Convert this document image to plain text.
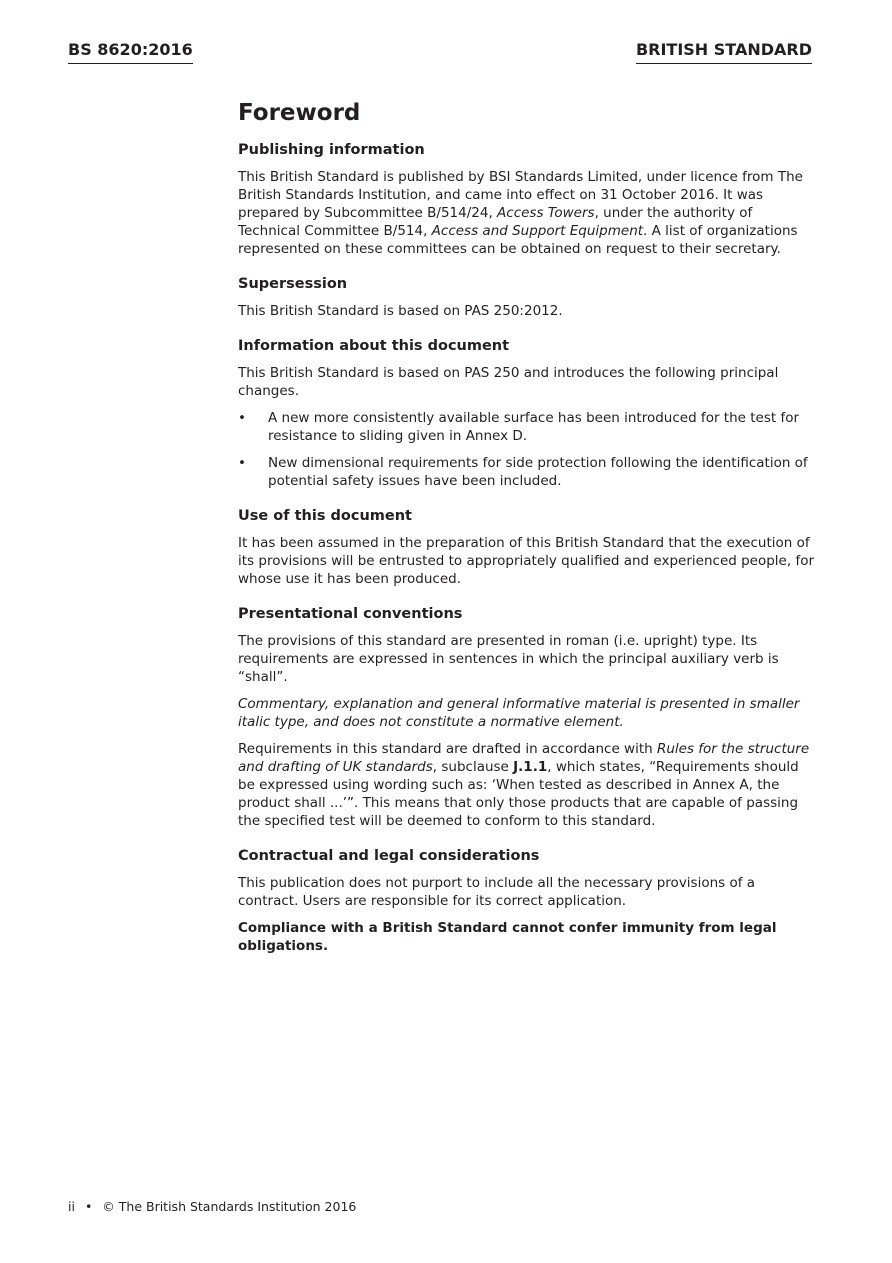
BS 8620:2016	BRITISH STANDARD
Foreword
Publishing information

This British Standard is published by BSI Standards Limited, under licence from The British Standards Institution, and came into effect on 31 October 2016. It was prepared by Subcommittee B/514/24, Access Towers, under the authority of Technical Committee B/514, Access and Support Equipment. A list of organizations represented on these committees can be obtained on request to their secretary.

Supersession

This British Standard is based on PAS 250:2012.

Information about this document

This British Standard is based on PAS 250 and introduces the following principal changes.

• A new more consistently available surface has been introduced for the test for resistance to sliding given in Annex D.
• New dimensional requirements for side protection following the identification of potential safety issues have been included.
Use of this document

It has been assumed in the preparation of this British Standard that the execution of its provisions will be entrusted to appropriately qualified and experienced people, for whose use it has been produced.

Presentational conventions

The provisions of this standard are presented in roman (i.e. upright) type. Its requirements are expressed in sentences in which the principal auxiliary verb is “shall”.

Commentary, explanation and general informative material is presented in smaller italic type, and does not constitute a normative element.

Requirements in this standard are drafted in accordance with Rules for the structure and drafting of UK standards, subclause J.1.1, which states, “Requirements should be expressed using wording such as: ‘When tested as described in Annex A, the product shall ...’”. This means that only those products that are capable of passing the specified test will be deemed to conform to this standard.

Contractual and legal considerations

This publication does not purport to include all the necessary provisions of a contract. Users are responsible for its correct application.

Compliance with a British Standard cannot confer immunity from legal obligations.

ii • © The British Standards Institution 2016
